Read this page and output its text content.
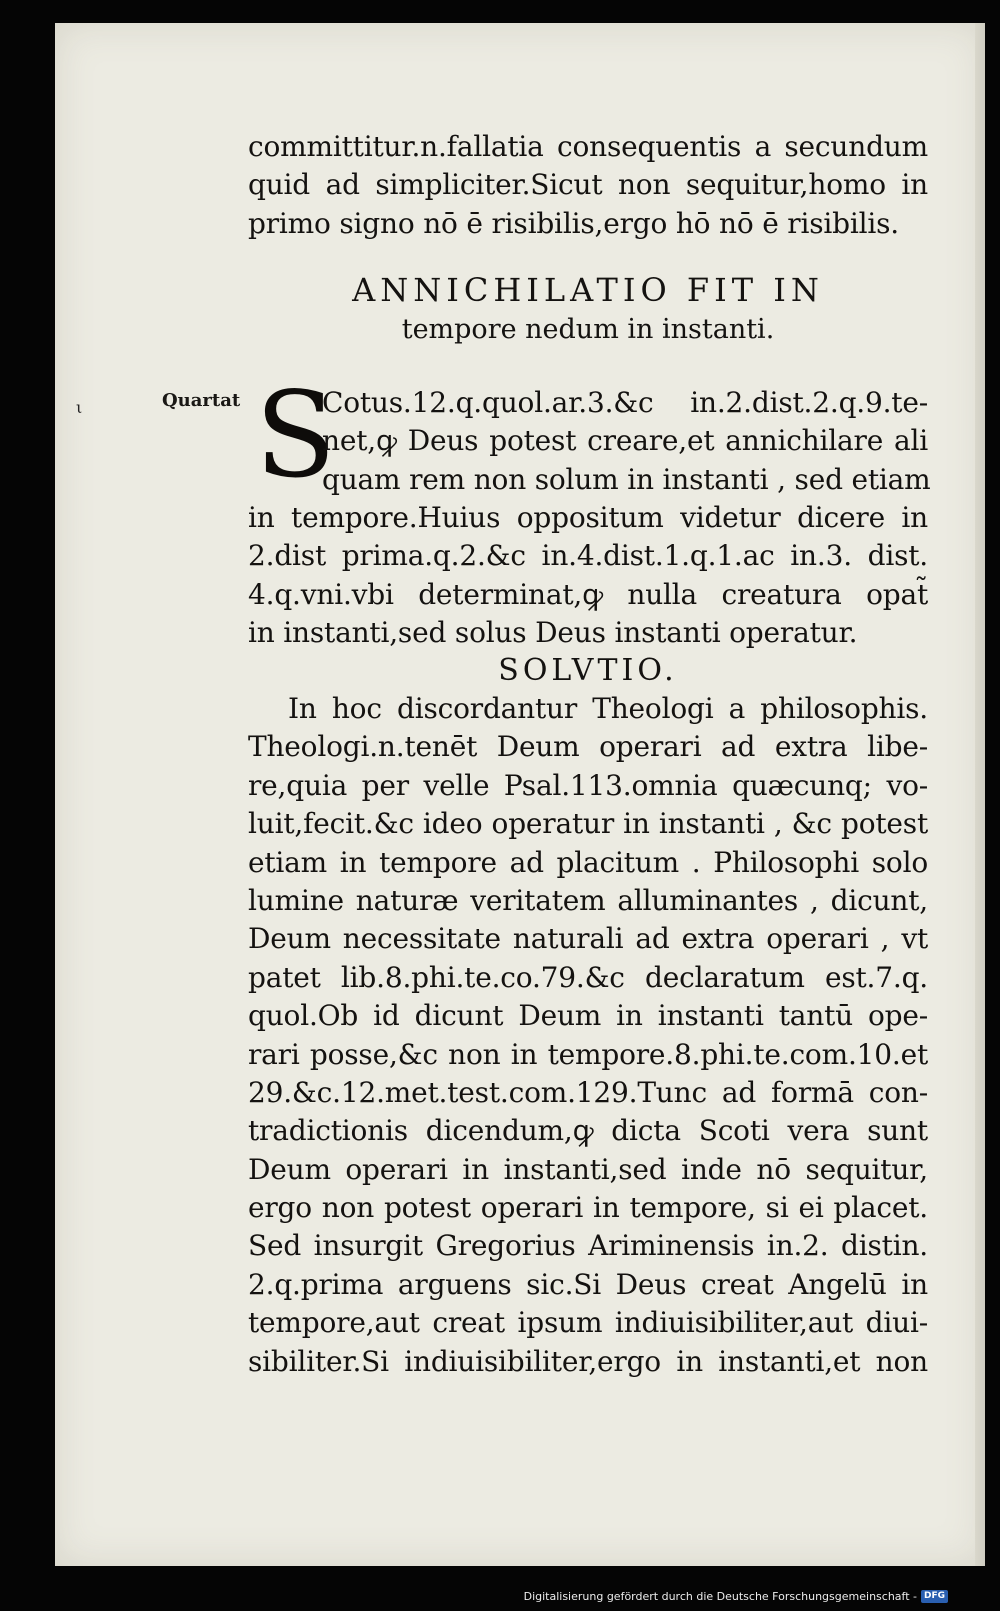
ι
committitur.n.fallatia consequentis a secundum
quid ad simpliciter.Sicut non sequitur,homo in
primo signo nō ē risibilis,ergo hō nō ē risibilis.
ANNICHILATIO FIT IN
tempore nedum in instanti.
Quartat S
Cotus.12.q.quol.ar.3.&c in.2.dist.2.q.9.te-
net,ꝙ Deus potest creare,et annichilare ali
quam rem non solum in instanti , sed etiam
in tempore.Huius oppositum videtur dicere in
2.dist prima.q.2.&c in.4.dist.1.q.1.ac in.3. dist.
4.q.vni.vbi determinat,ꝙ nulla creatura opat̃
in instanti,sed solus Deus instanti operatur.
SOLVTIO.
In hoc discordantur Theologi a philosophis.
Theologi.n.tenēt Deum operari ad extra libe-
re,quia per velle Psal.113.omnia quæcunq; vo-
luit,fecit.&c ideo operatur in instanti , &c potest
etiam in tempore ad placitum . Philosophi solo
lumine naturæ veritatem alluminantes , dicunt,
Deum necessitate naturali ad extra operari , vt
patet lib.8.phi.te.co.79.&c declaratum est.7.q.
quol.Ob id dicunt Deum in instanti tantū ope-
rari posse,&c non in tempore.8.phi.te.com.10.et
29.&c.12.met.test.com.129.Tunc ad formā con-
tradictionis dicendum,ꝙ dicta Scoti vera sunt
Deum operari in instanti,sed inde nō sequitur,
ergo non potest operari in tempore, si ei placet.
Sed insurgit Gregorius Ariminensis in.2. distin.
2.q.prima arguens sic.Si Deus creat Angelū in
tempore,aut creat ipsum indiuisibiliter,aut diui-
sibiliter.Si indiuisibiliter,ergo in instanti,et non
Digitalisierung gefördert durch die Deutsche Forschungsgemeinschaft - DFG
